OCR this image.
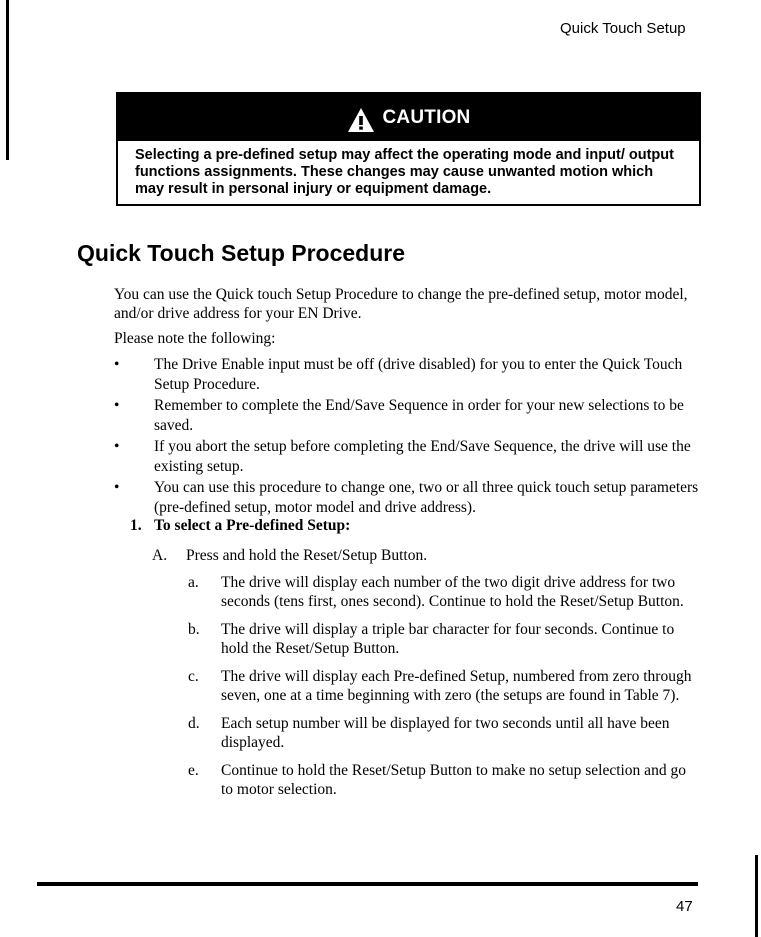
Quick Touch Setup
CAUTION
Selecting a pre-defined setup may affect the operating mode and input/ output functions assignments. These changes may cause unwanted motion which may result in personal injury or equipment damage.
Quick Touch Setup Procedure

You can use the Quick touch Setup Procedure to change the pre-defined setup, motor model, and/or drive address for your EN Drive.

Please note the following:

• The Drive Enable input must be off (drive disabled) for you to enter the Quick Touch Setup Procedure.
• Remember to complete the End/Save Sequence in order for your new selections to be saved.
• If you abort the setup before completing the End/Save Sequence, the drive will use the existing setup.
• You can use this procedure to change one, two or all three quick touch setup parameters (pre-defined setup, motor model and drive address).
1. To select a Pre-defined Setup:
A. Press and hold the Reset/Setup Button.
a. The drive will display each number of the two digit drive address for two seconds (tens first, ones second). Continue to hold the Reset/Setup Button.
b. The drive will display a triple bar character for four seconds. Continue to hold the Reset/Setup Button.
c. The drive will display each Pre-defined Setup, numbered from zero through seven, one at a time beginning with zero (the setups are found in Table 7).
d. Each setup number will be displayed for two seconds until all have been displayed.
e. Continue to hold the Reset/Setup Button to make no setup selection and go to motor selection.
47
